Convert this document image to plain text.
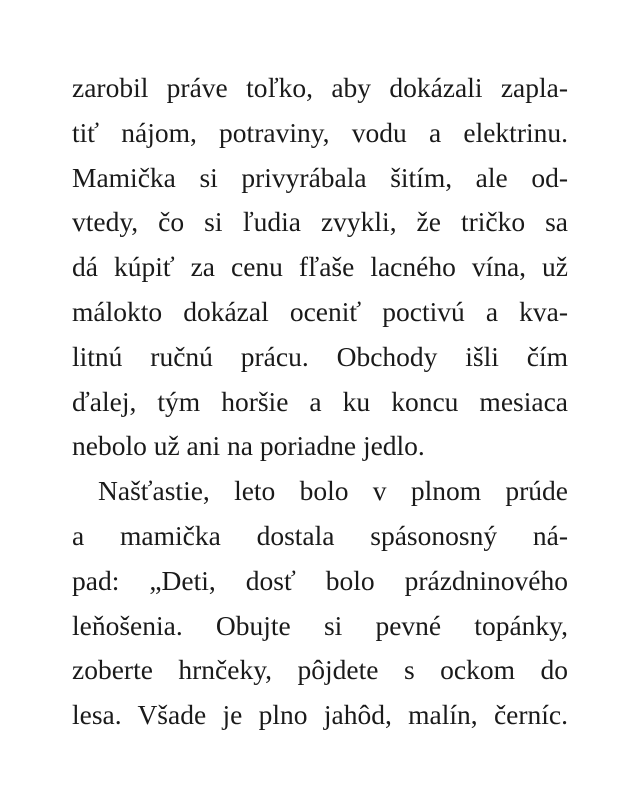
zarobil práve toľko, aby dokázali zapla-
tiť nájom, potraviny, vodu a elektrinu.
Mamička si privyrábala šitím, ale od-
vtedy, čo si ľudia zvykli, že tričko sa
dá kúpiť za cenu fľaše lacného vína, už
málokto dokázal oceniť poctivú a kva-
litnú ručnú prácu. Obchody išli čím
ďalej, tým horšie a ku koncu mesiaca
nebolo už ani na poriadne jedlo.
Našťastie, leto bolo v plnom prúde
a mamička dostala spásonosný ná-
pad: „Deti, dosť bolo prázdninového
leňošenia. Obujte si pevné topánky,
zoberte hrnčeky, pôjdete s ockom do
lesa. Všade je plno jahôd, malín, černíc.
